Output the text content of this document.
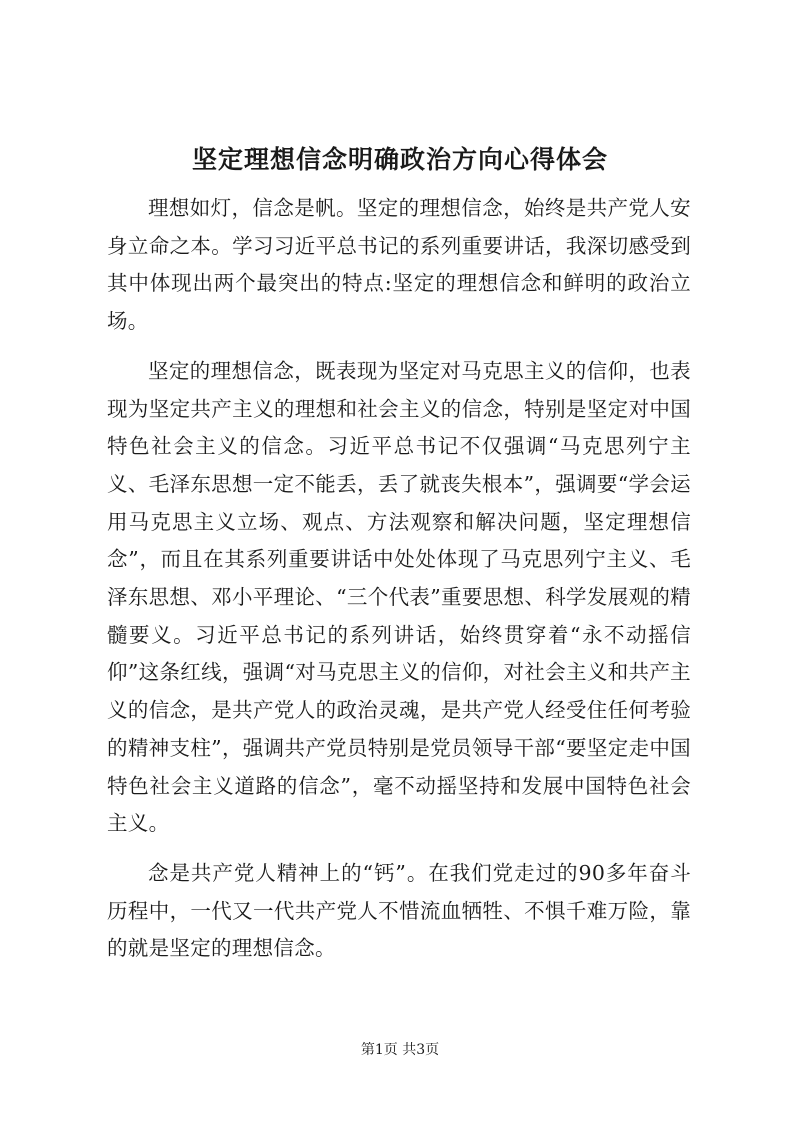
坚定理想信念明确政治方向心得体会

理想如灯，信念是帆。坚定的理想信念，始终是共产党人安身立命之本。学习习近平总书记的系列重要讲话，我深切感受到其中体现出两个最突出的特点:坚定的理想信念和鲜明的政治立场。

坚定的理想信念，既表现为坚定对马克思主义的信仰，也表现为坚定共产主义的理想和社会主义的信念，特别是坚定对中国特色社会主义的信念。习近平总书记不仅强调“马克思列宁主义、毛泽东思想一定不能丢，丢了就丧失根本”，强调要“学会运用马克思主义立场、观点、方法观察和解决问题，坚定理想信念”，而且在其系列重要讲话中处处体现了马克思列宁主义、毛泽东思想、邓小平理论、“三个代表”重要思想、科学发展观的精髓要义。习近平总书记的系列讲话，始终贯穿着“永不动摇信仰”这条红线，强调“对马克思主义的信仰，对社会主义和共产主义的信念，是共产党人的政治灵魂，是共产党人经受住任何考验的精神支柱”，强调共产党员特别是党员领导干部“要坚定走中国特色社会主义道路的信念”，毫不动摇坚持和发展中国特色社会主义。

念是共产党人精神上的“钙”。在我们党走过的90多年奋斗历程中，一代又一代共产党人不惜流血牺牲、不惧千难万险，靠的就是坚定的理想信念。

第1页 共3页
